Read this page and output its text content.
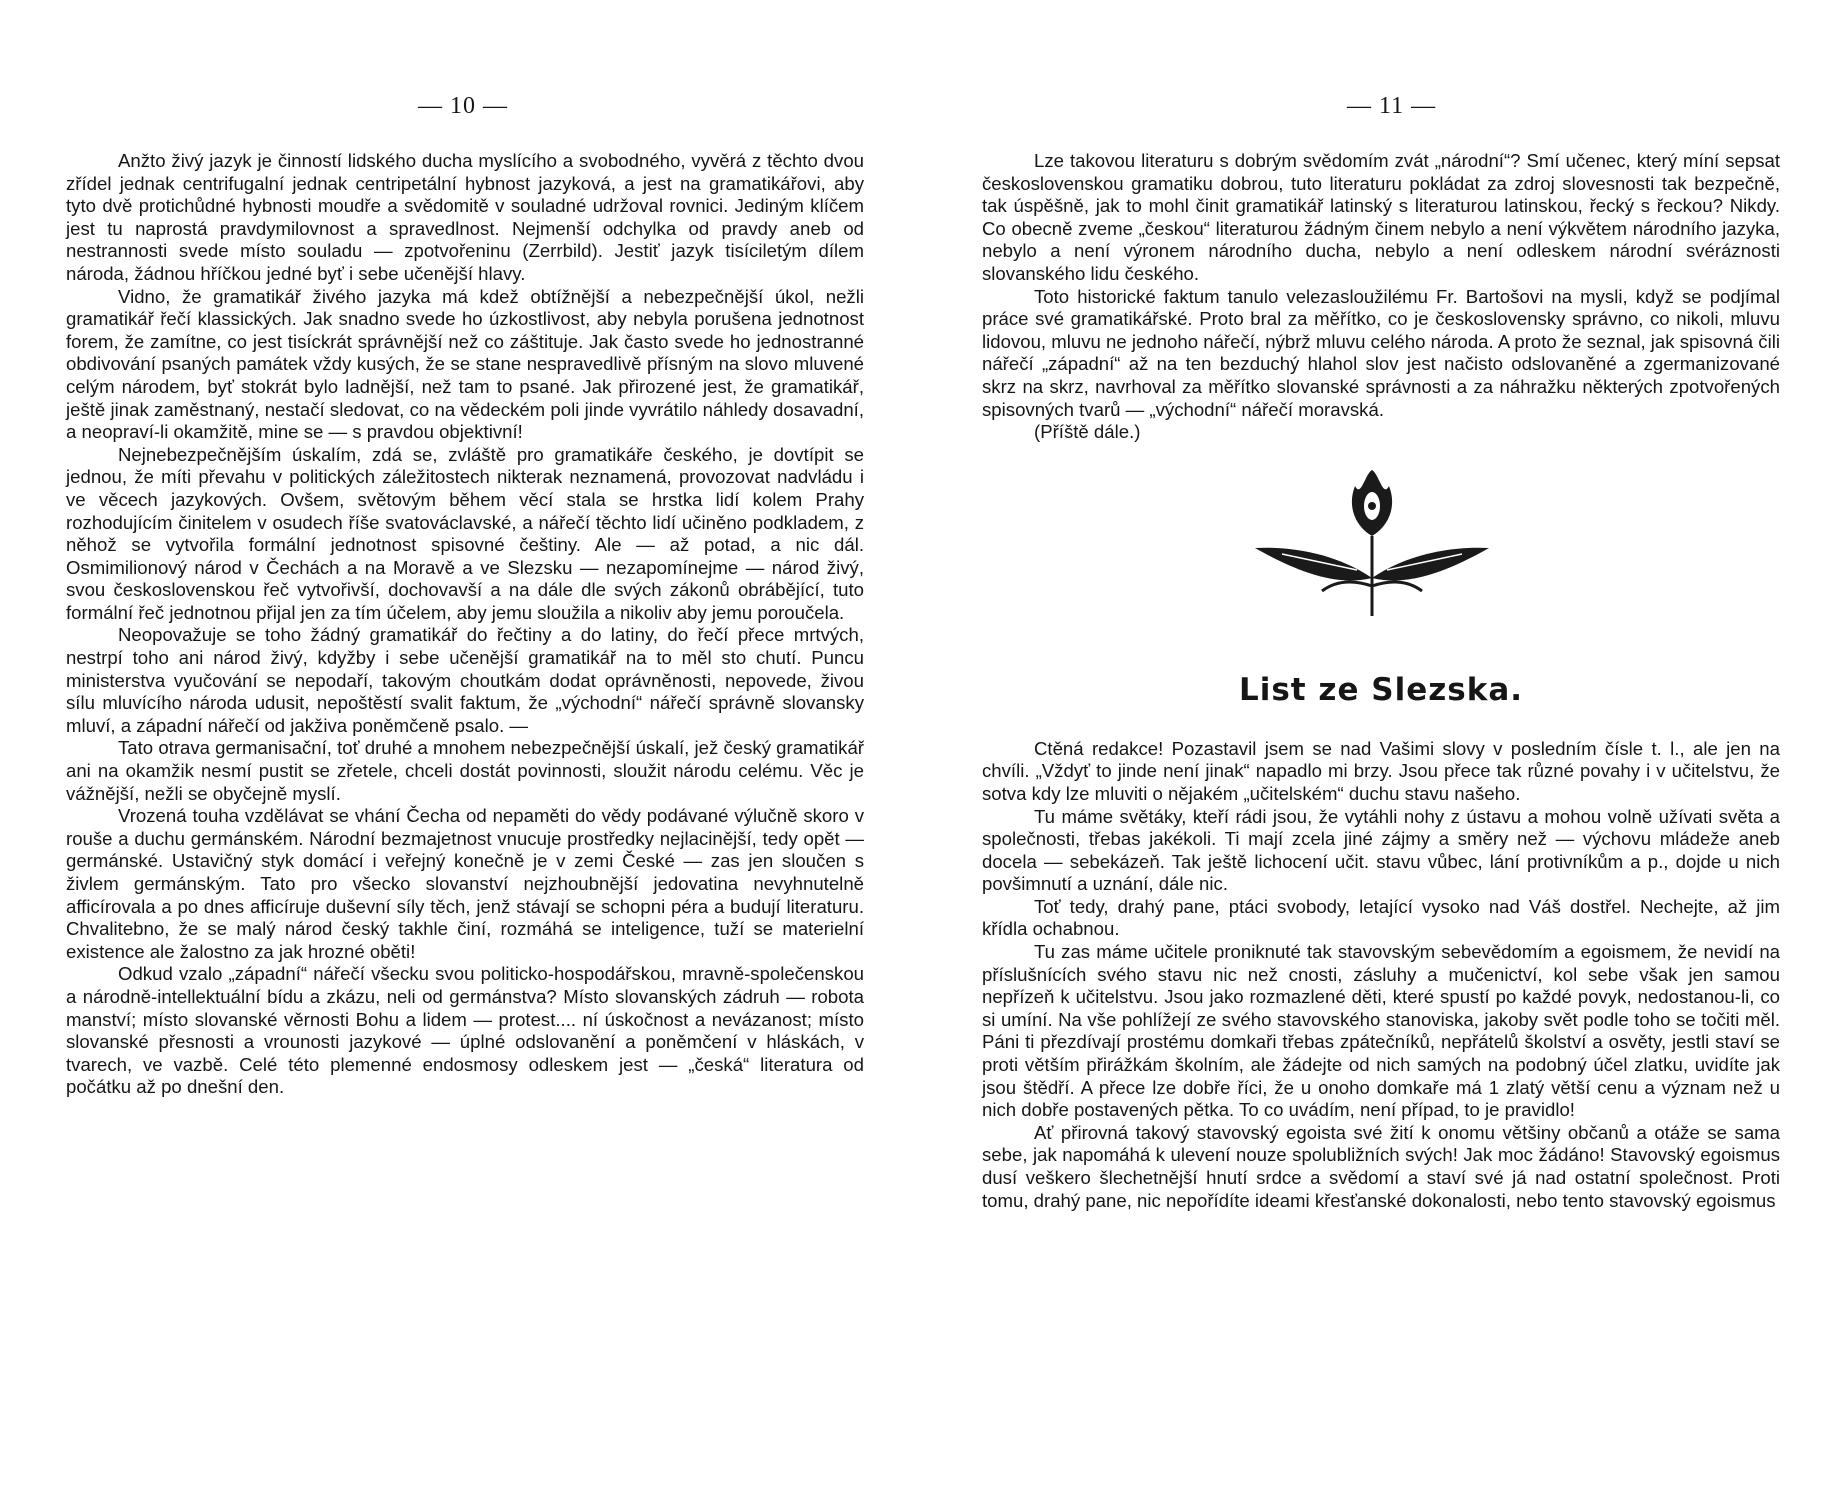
— 10 —

Anžto živý jazyk je činností lidského ducha myslícího a svobodného, vyvěrá z těchto dvou zřídel jednak centrifugalní jednak centripetální hybnost jazyková, a jest na gramatikářovi, aby tyto dvě protichůdné hybnosti moudře a svědomitě v souladné udržoval rovnici. Jediným klíčem jest tu naprostá pravdymilovnost a spravedlnost. Nejmenší odchylka od pravdy aneb od nestrannosti svede místo souladu — zpotvořeninu (Zerrbild). Jestiť jazyk tisíciletým dílem národa, žádnou hříčkou jedné byť i sebe učenější hlavy.

Vidno, že gramatikář živého jazyka má kdež obtížnější a nebezpečnější úkol, nežli gramatikář řečí klassických. Jak snadno svede ho úzkostlivost, aby nebyla porušena jednotnost forem, že zamítne, co jest tisíckrát správnější než co záštituje. Jak často svede ho jednostranné obdivování psaných památek vždy kusých, že se stane nespravedlivě přísným na slovo mluvené celým národem, byť stokrát bylo ladnější, než tam to psané. Jak přirozené jest, že gramatikář, ještě jinak zaměstnaný, nestačí sledovat, co na vědeckém poli jinde vyvrátilo náhledy dosavadní, a neopraví-li okamžitě, mine se — s pravdou objektivní!

Nejnebezpečnějším úskalím, zdá se, zvláště pro gramatikáře českého, je dovtípit se jednou, že míti převahu v politických záležitostech nikterak neznamená, provozovat nadvládu i ve věcech jazykových. Ovšem, světovým během věcí stala se hrstka lidí kolem Prahy rozhodujícím činitelem v osudech říše svatováclavské, a nářečí těchto lidí učiněno podkladem, z něhož se vytvořila formální jednotnost spisovné češtiny. Ale — až potad, a nic dál. Osmimilionový národ v Čechách a na Moravě a ve Slezsku — nezapomínejme — národ živý, svou československou řeč vytvořivší, dochovavší a na dále dle svých zákonů obrábějící, tuto formální řeč jednotnou přijal jen za tím účelem, aby jemu sloužila a nikoliv aby jemu poroučela.

Neopovažuje se toho žádný gramatikář do řečtiny a do latiny, do řečí přece mrtvých, nestrpí toho ani národ živý, kdyžby i sebe učenější gramatikář na to měl sto chutí. Puncu ministerstva vyučování se nepodaří, takovým choutkám dodat oprávněnosti, nepovede, živou sílu mluvícího národa udusit, nepoštěstí svalit faktum, že „východní“ nářečí správně slovansky mluví, a západní nářečí od jakživa poněmčeně psalo. —

Tato otrava germanisační, toť druhé a mnohem nebezpečnější úskalí, jež český gramatikář ani na okamžik nesmí pustit se zřetele, chceli dostát povinnosti, sloužit národu celému. Věc je vážnější, nežli se obyčejně myslí.

Vrozená touha vzdělávat se vhání Čecha od nepaměti do vědy podávané výlučně skoro v rouše a duchu germánském. Národní bezmajetnost vnucuje prostředky nejlacinější, tedy opět — germánské. Ustavičný styk domácí i veřejný konečně je v zemi České — zas jen sloučen s živlem germánským. Tato pro všecko slovanství nejzhoubnější jedovatina nevyhnutelně afficírovala a po dnes afficíruje duševní síly těch, jenž stávají se schopni péra a budují literaturu. Chvalitebno, že se malý národ český takhle činí, rozmáhá se inteligence, tuží se materielní existence ale žalostno za jak hrozné oběti!

Odkud vzalo „západní“ nářečí všecku svou politicko-hospodářskou, mravně-společenskou a národně-intellektuální bídu a zkázu, neli od germánstva? Místo slovanských zádruh — robota manství; místo slovanské věrnosti Bohu a lidem — protest.... ní úskočnost a nevázanost; místo slovanské přesnosti a vrounosti jazykové — úplné odslovanění a poněmčení v hláskách, v tvarech, ve vazbě. Celé této plemenné endosmosy odleskem jest — „česká“ literatura od počátku až po dnešní den.

— 11 —

Lze takovou literaturu s dobrým svědomím zvát „národní“? Smí učenec, který míní sepsat československou gramatiku dobrou, tuto literaturu pokládat za zdroj slovesnosti tak bezpečně, tak úspěšně, jak to mohl činit gramatikář latinský s literaturou latinskou, řecký s řeckou? Nikdy. Co obecně zveme „českou“ literaturou žádným činem nebylo a není výkvětem národního jazyka, nebylo a není výronem národního ducha, nebylo a není odleskem národní svéráznosti slovanského lidu českého.

Toto historické faktum tanulo velezasloužilému Fr. Bartošovi na mysli, když se podjímal práce své gramatikářské. Proto bral za měřítko, co je československy správno, co nikoli, mluvu lidovou, mluvu ne jednoho nářečí, nýbrž mluvu celého národa. A proto že seznal, jak spisovná čili nářečí „západní“ až na ten bezduchý hlahol slov jest načisto odslovaněné a zgermanizované skrz na skrz, navrhoval za měřítko slovanské správnosti a za náhražku některých zpotvořených spisovných tvarů — „východní“ nářečí moravská.

(Příště dále.)

List ze Slezska.

Ctěná redakce! Pozastavil jsem se nad Vašimi slovy v posledním čísle t. l., ale jen na chvíli. „Vždyť to jinde není jinak“ napadlo mi brzy. Jsou přece tak různé povahy i v učitelstvu, že sotva kdy lze mluviti o nějakém „učitelském“ duchu stavu našeho.

Tu máme světáky, kteří rádi jsou, že vytáhli nohy z ústavu a mohou volně užívati světa a společnosti, třebas jakékoli. Ti mají zcela jiné zájmy a směry než — výchovu mládeže aneb docela — sebekázeň. Tak ještě lichocení učit. stavu vůbec, lání protivníkům a p., dojde u nich povšimnutí a uznání, dále nic.

Toť tedy, drahý pane, ptáci svobody, letající vysoko nad Váš dostřel. Nechejte, až jim křídla ochabnou.

Tu zas máme učitele proniknuté tak stavovským sebevědomím a egoismem, že nevidí na příslušnících svého stavu nic než cnosti, zásluhy a mučenictví, kol sebe však jen samou nepřízeň k učitelstvu. Jsou jako rozmazlené děti, které spustí po každé povyk, nedostanou-li, co si umíní. Na vše pohlížejí ze svého stavovského stanoviska, jakoby svět podle toho se točiti měl. Páni ti přezdívají prostému domkaři třebas zpátečníků, nepřátelů školství a osvěty, jestli staví se proti větším přirážkám školním, ale žádejte od nich samých na podobný účel zlatku, uvidíte jak jsou štědří. A přece lze dobře říci, že u onoho domkaře má 1 zlatý větší cenu a význam než u nich dobře postavených pětka. To co uvádím, není případ, to je pravidlo!

Ať přirovná takový stavovský egoista své žití k onomu většiny občanů a otáže se sama sebe, jak napomáhá k ulevení nouze spolubližních svých! Jak moc žádáno! Stavovský egoismus dusí veškero šlechetnější hnutí srdce a svědomí a staví své já nad ostatní společnost. Proti tomu, drahý pane, nic nepořídíte ideami křesťanské dokonalosti, nebo tento stavovský egoismus
